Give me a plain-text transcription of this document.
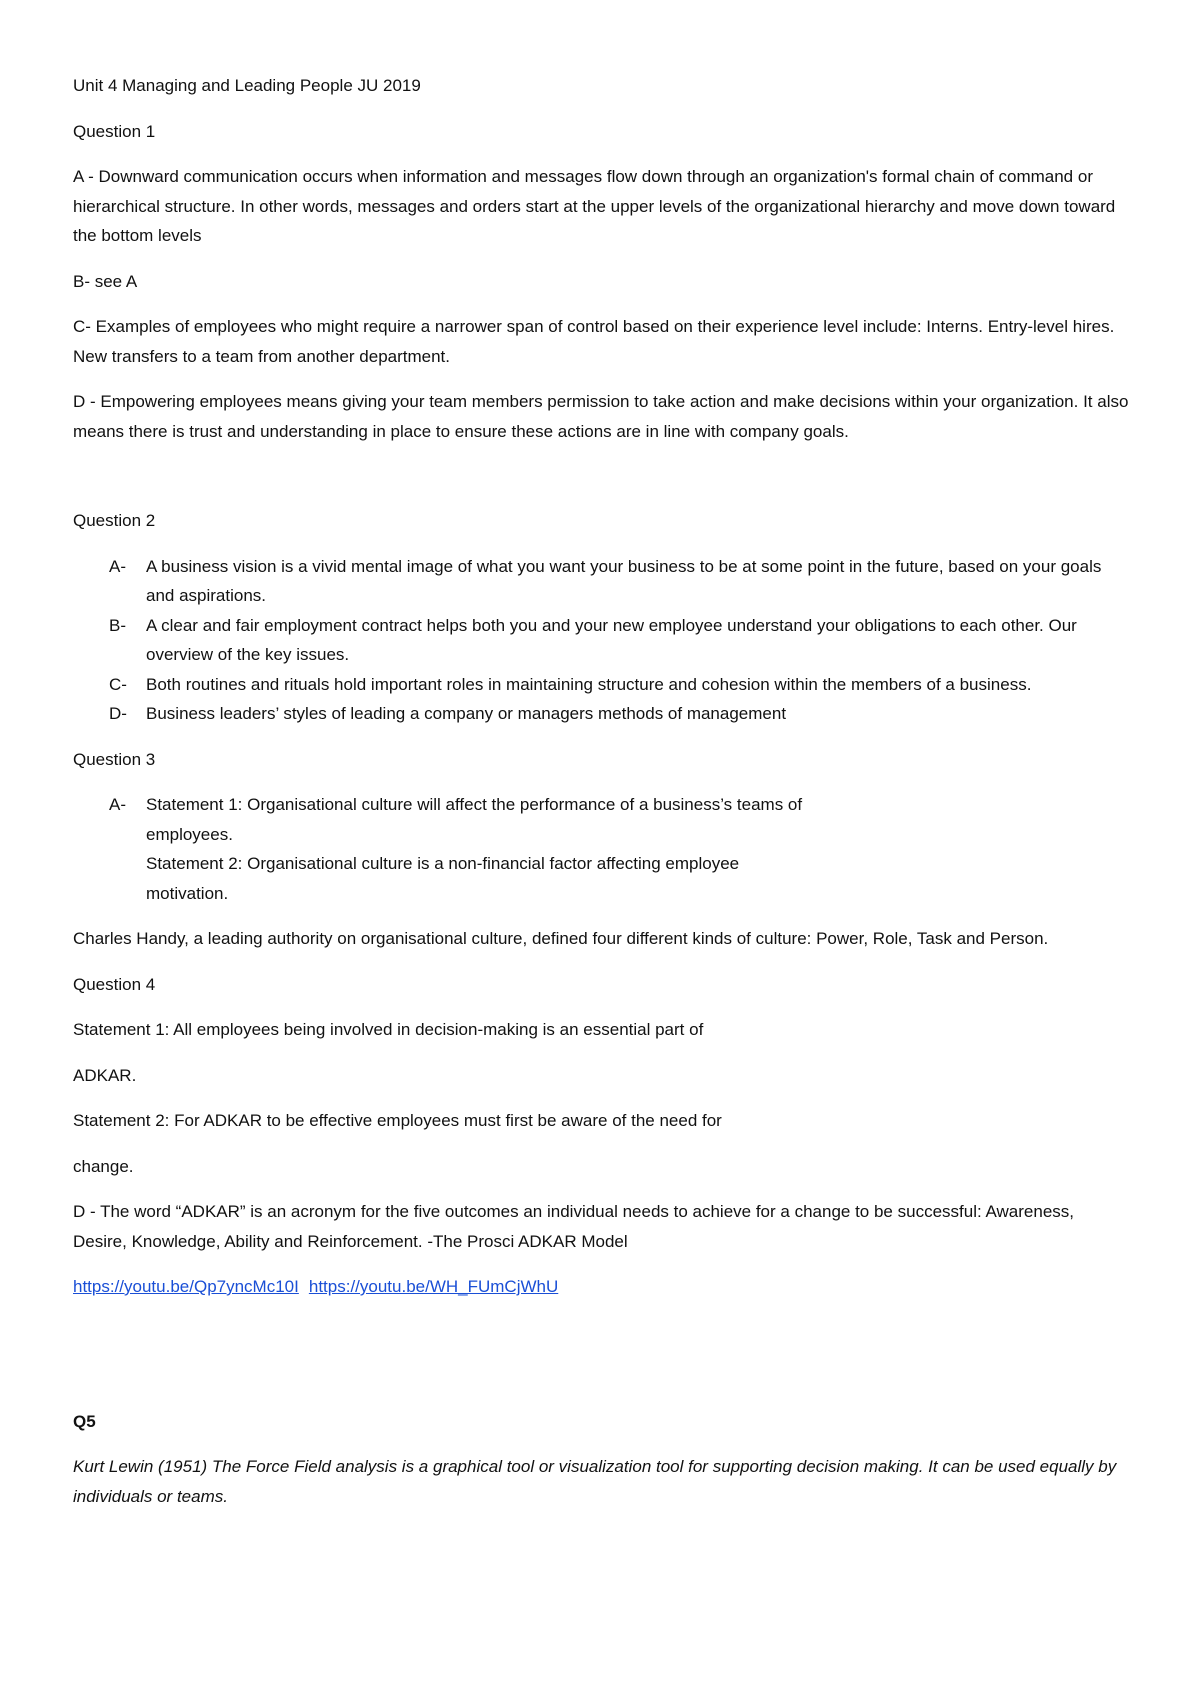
Unit 4 Managing and Leading People JU 2019

Question 1

A - Downward communication occurs when information and messages flow down through an organization's formal chain of command or hierarchical structure. In other words, messages and orders start at the upper levels of the organizational hierarchy and move down toward the bottom levels

B- see A

C- Examples of employees who might require a narrower span of control based on their experience level include: Interns. Entry-level hires. New transfers to a team from another department.

D - Empowering employees means giving your team members permission to take action and make decisions within your organization. It also means there is trust and understanding in place to ensure these actions are in line with company goals.

Question 2

A- A business vision is a vivid mental image of what you want your business to be at some point in the future, based on your goals and aspirations.
B- A clear and fair employment contract helps both you and your new employee understand your obligations to each other. Our overview of the key issues.
C- Both routines and rituals hold important roles in maintaining structure and cohesion within the members of a business.
D- Business leaders’ styles of leading a company or managers methods of management

Question 3

A- Statement 1: Organisational culture will affect the performance of a business’s teams of
employees.
Statement 2: Organisational culture is a non-financial factor affecting employee
motivation.

Charles Handy, a leading authority on organisational culture, defined four different kinds of culture: Power, Role, Task and Person.

Question 4

Statement 1: All employees being involved in decision-making is an essential part of

ADKAR.

Statement 2: For ADKAR to be effective employees must first be aware of the need for

change.

D - The word “ADKAR” is an acronym for the five outcomes an individual needs to achieve for a change to be successful: Awareness, Desire, Knowledge, Ability and Reinforcement. -The Prosci ADKAR Model

https://youtu.be/Qp7yncMc10I https://youtu.be/WH_FUmCjWhU

Q5

Kurt Lewin (1951) The Force Field analysis is a graphical tool or visualization tool for supporting decision making. It can be used equally by individuals or teams.
